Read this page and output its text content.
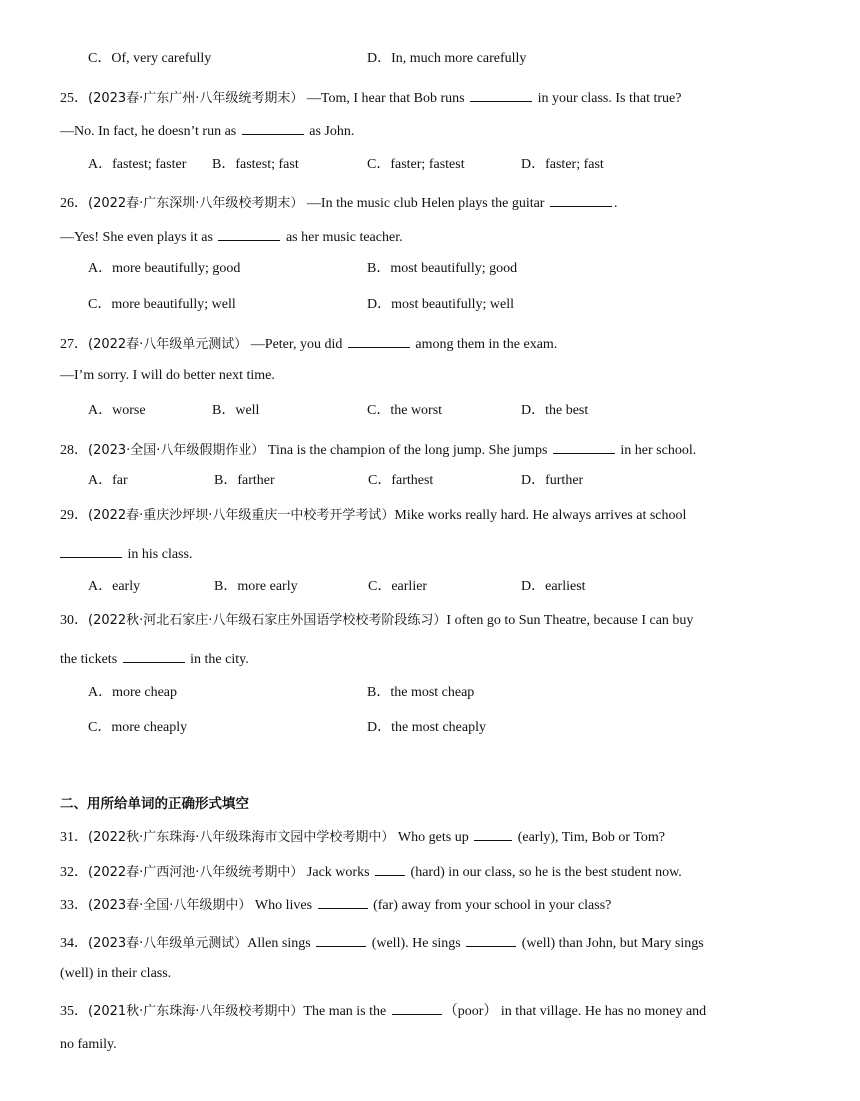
C．Of, very carefully	D．In, much more carefully
25．(2023春·广东广州·八年级统考期末） —Tom, I hear that Bob runs	in your class. Is that true?
—No. In fact, he doesn’t run as	as John.
A．fastest; faster B．fastest; fast	C．faster; fastest	D．faster; fast
26．(2022春·广东深圳·八年级校考期末） —In the music club Helen plays the guitar	.
—Yes! She even plays it as	as her music teacher.
A．more beautifully; good	B．most beautifully; good
C．more beautifully; well	D．most beautifully; well
27．(2022春·八年级单元测试） —Peter, you did	among them in the exam.
—I’m sorry. I will do better next time.
A．worse	B．well	C．the worst	D．the best
28．(2023·全国·八年级假期作业） Tina is the champion of the long jump. She jumps	in her school.
A．far	B．farther	C．farthest	D．further
29．(2022春·重庆沙坪坝·八年级重庆一中校考开学考试）Mike works really hard. He always arrives at school
in his class.
A．early	B．more early	C．earlier	D．earliest
30．(2022秋·河北石家庄·八年级石家庄外国语学校校考阶段练习）I often go to Sun Theatre, because I can buy
the tickets	in the city.
A．more cheap	B．the most cheap
C．more cheaply	D．the most cheaply
二、用所给单词的正确形式填空
31．(2022秋·广东珠海·八年级珠海市文园中学校考期中） Who gets up	(early), Tim, Bob or Tom?
32．(2022春·广西河池·八年级统考期中） Jack works	(hard) in our class, so he is the best student now.
33．(2023春·全国·八年级期中） Who lives	(far) away from your school in your class?
34．(2023春·八年级单元测试）Allen sings	(well). He sings	(well) than John, but Mary sings
(well) in their class.
35．(2021秋·广东珠海·八年级校考期中）The man is the	（poor） in that village. He has no money and
no family.
